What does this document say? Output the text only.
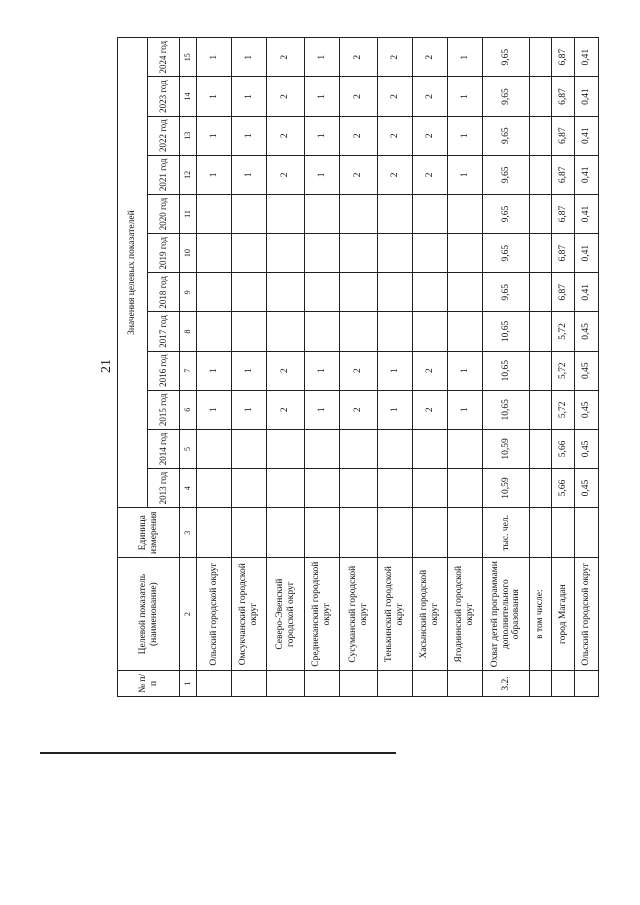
21
№ п/п	Целевой показатель (наименование)	Единица измерения	Значения целевых показателей											
			2013 год	2014 год	2015 год	2016 год	2017 год	2018 год	2019 год	2020 год	2021 год	2022 год	2023 год	2024 год
1	2	3	4	5	6	7	8	9	10	11	12	13	14	15
	Ольский городской округ				1	1					1	1	1	1
	Омсукчанский городской округ				1	1					1	1	1	1
	Северо-Эвенский городской округ				2	2					2	2	2	2
	Среднеканский городской округ				1	1					1	1	1	1
	Сусуманский городской округ				2	2					2	2	2	2
	Тенькинский городской округ				1	1					2	2	2	2
	Хасынский городской округ				2	2					2	2	2	2
	Ягоднинский городской округ				1	1					1	1	1	1
3.2.	Охват детей программами дополнительного образования	тыс. чел.	10,59	10,59	10,65	10,65	10,65	9,65	9,65	9,65	9,65	9,65	9,65	9,65
	в том числе:													
	город Магадан		5,66	5,66	5,72	5,72	5,72	6,87	6,87	6,87	6,87	6,87	6,87	6,87
	Ольский городской округ		0,45	0,45	0,45	0,45	0,45	0,41	0,41	0,41	0,41	0,41	0,41	0,41
